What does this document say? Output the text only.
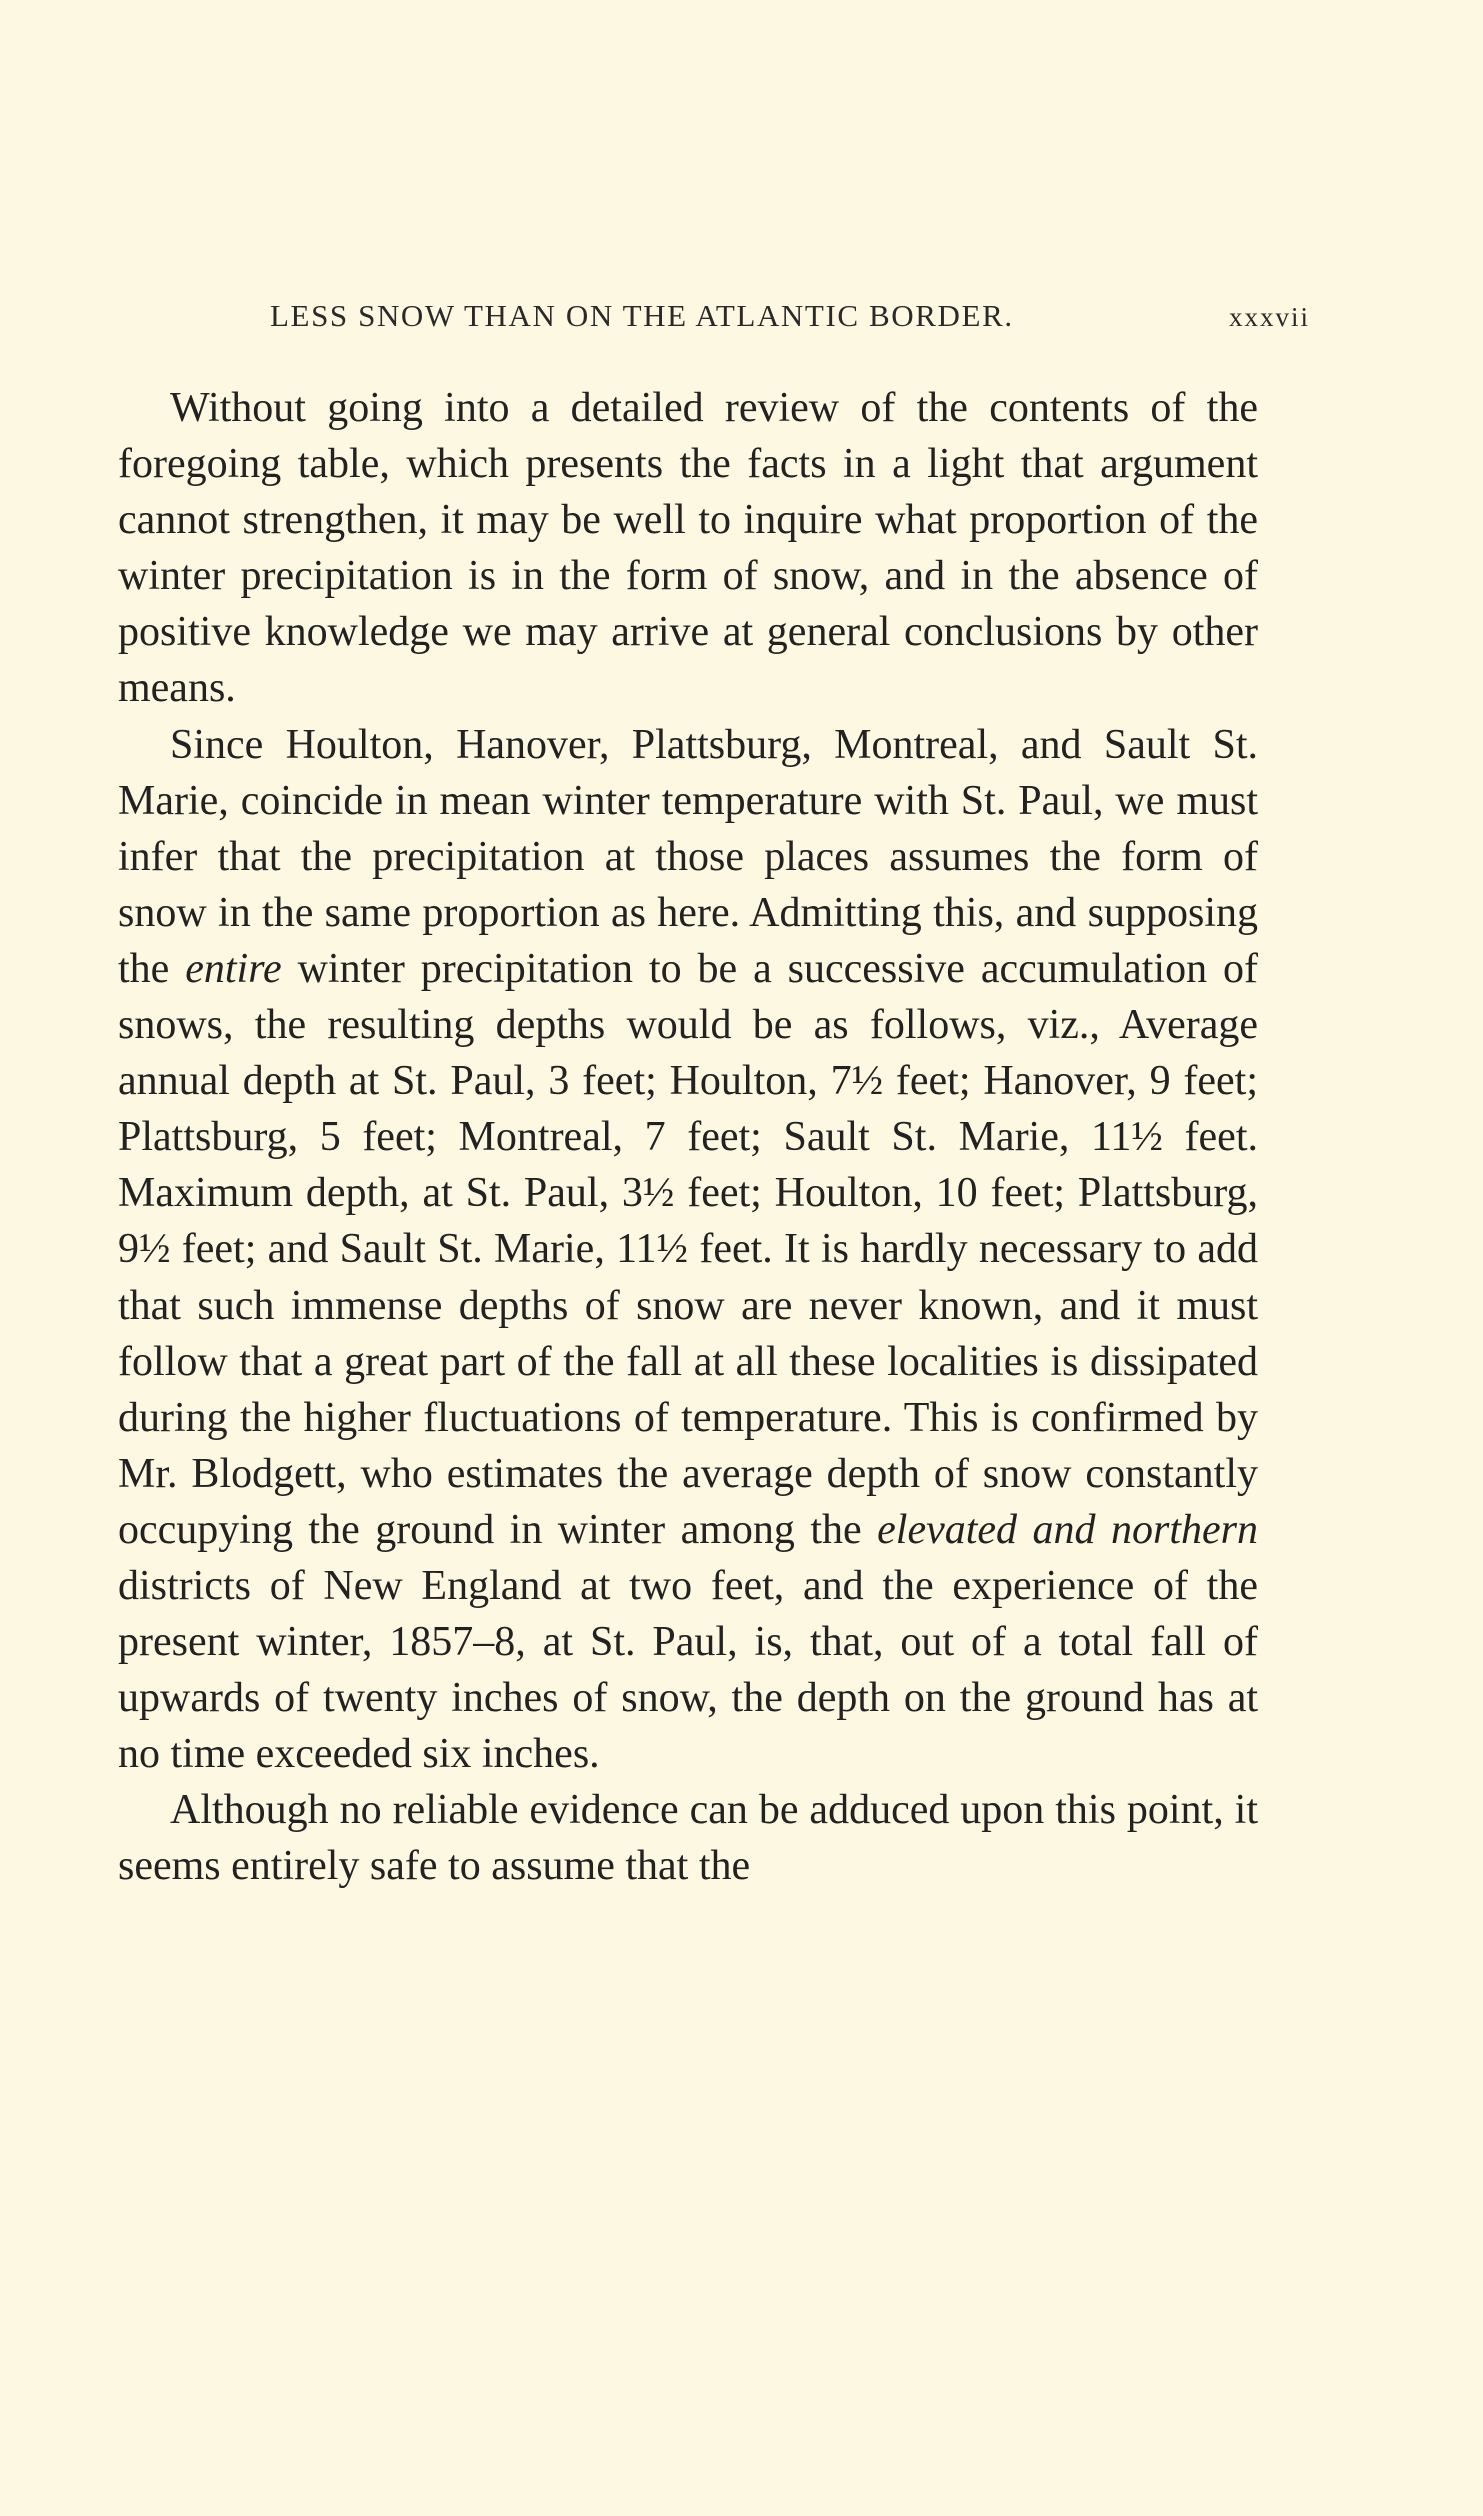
LESS SNOW THAN ON THE ATLANTIC BORDER.	xxxvii

Without going into a detailed review of the contents of the foregoing table, which presents the facts in a light that argument cannot strengthen, it may be well to inquire what proportion of the winter precipitation is in the form of snow, and in the absence of positive knowledge we may arrive at general conclusions by other means.

Since Houlton, Hanover, Plattsburg, Montreal, and Sault St. Marie, coincide in mean winter temperature with St. Paul, we must infer that the precipitation at those places assumes the form of snow in the same proportion as here. Admitting this, and supposing the entire winter precipitation to be a successive accumulation of snows, the resulting depths would be as follows, viz., Average annual depth at St. Paul, 3 feet; Houlton, 7½ feet; Hanover, 9 feet; Plattsburg, 5 feet; Montreal, 7 feet; Sault St. Marie, 11½ feet. Maximum depth, at St. Paul, 3½ feet; Houlton, 10 feet; Plattsburg, 9½ feet; and Sault St. Marie, 11½ feet. It is hardly necessary to add that such immense depths of snow are never known, and it must follow that a great part of the fall at all these localities is dissipated during the higher fluctuations of temperature. This is confirmed by Mr. Blodgett, who estimates the average depth of snow constantly occupying the ground in winter among the elevated and northern districts of New England at two feet, and the experience of the present winter, 1857–8, at St. Paul, is, that, out of a total fall of upwards of twenty inches of snow, the depth on the ground has at no time exceeded six inches.

Although no reliable evidence can be adduced upon this point, it seems entirely safe to assume that the
